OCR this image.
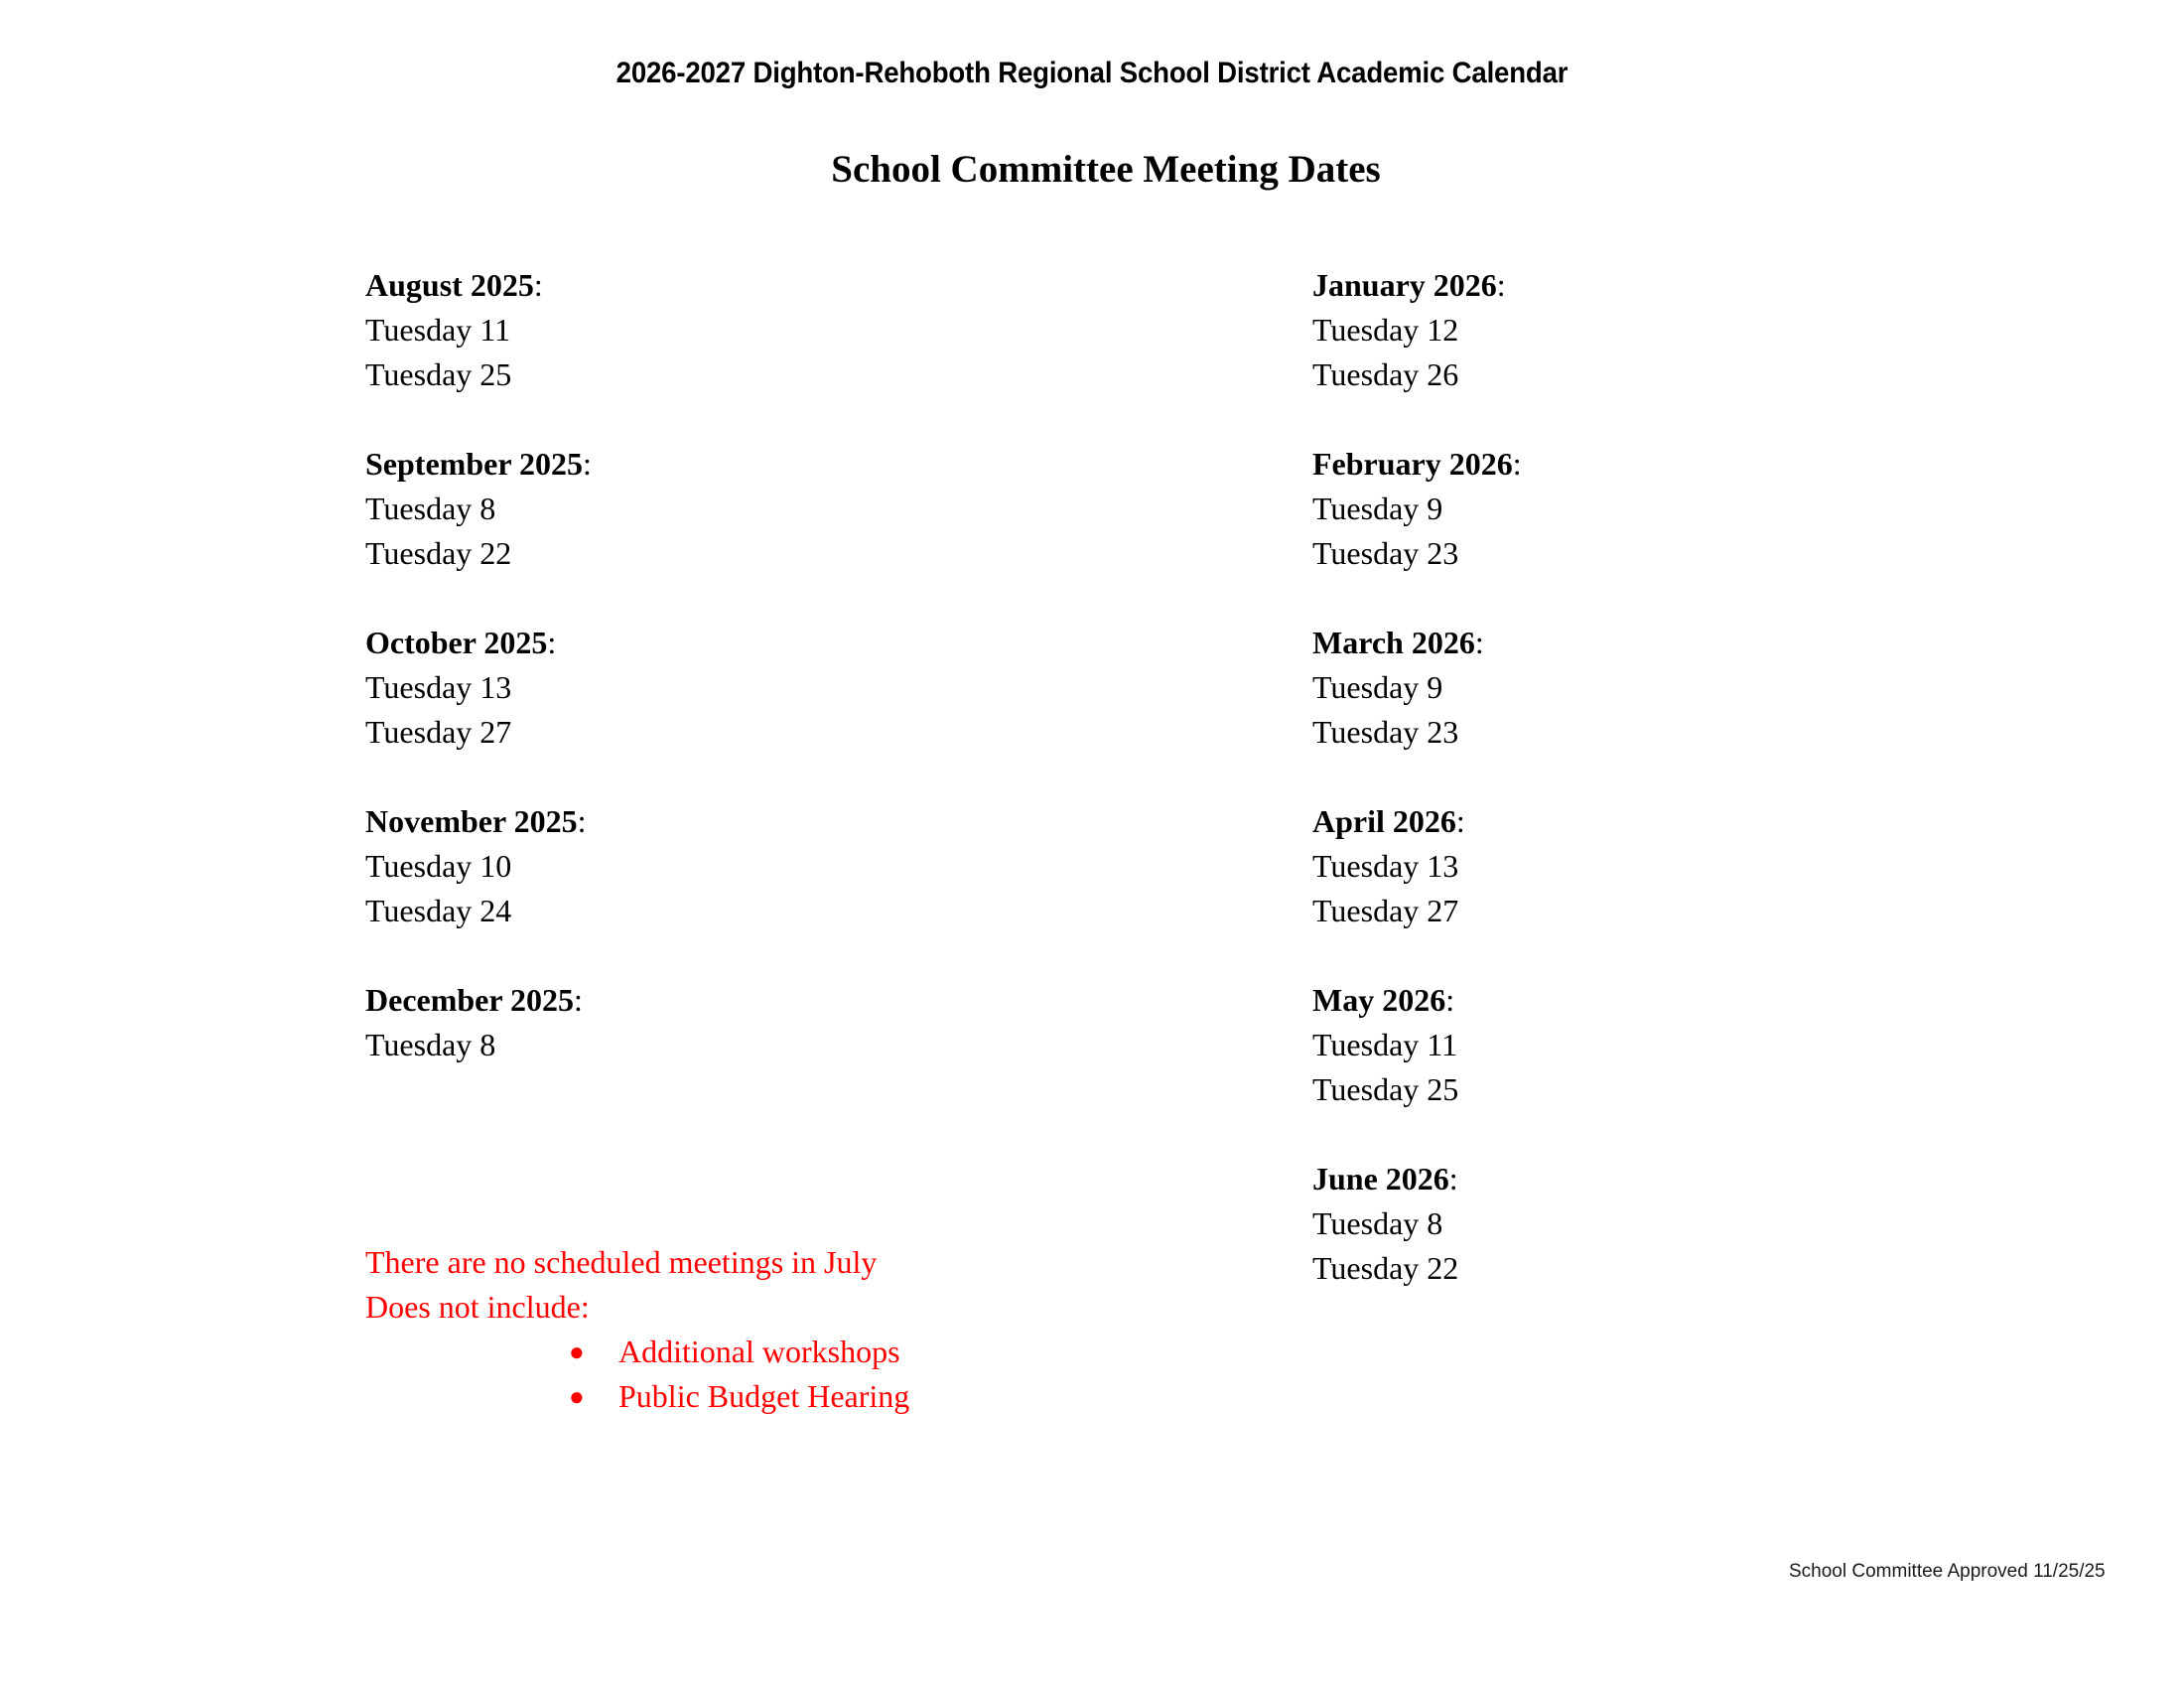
2026-2027 Dighton-Rehoboth Regional School District Academic Calendar
School Committee Meeting Dates
August 2025:
Tuesday 11
Tuesday 25
September 2025:
Tuesday 8
Tuesday 22
October 2025:
Tuesday 13
Tuesday 27
November 2025:
Tuesday 10
Tuesday 24
December 2025:
Tuesday 8
January 2026:
Tuesday 12
Tuesday 26
February 2026:
Tuesday 9
Tuesday 23
March 2026:
Tuesday 9
Tuesday 23
April 2026:
Tuesday 13
Tuesday 27
May 2026:
Tuesday 11
Tuesday 25
June 2026:
Tuesday 8
Tuesday 22
There are no scheduled meetings in July
Does not include:
● Additional workshops
● Public Budget Hearing
School Committee Approved 11/25/25
